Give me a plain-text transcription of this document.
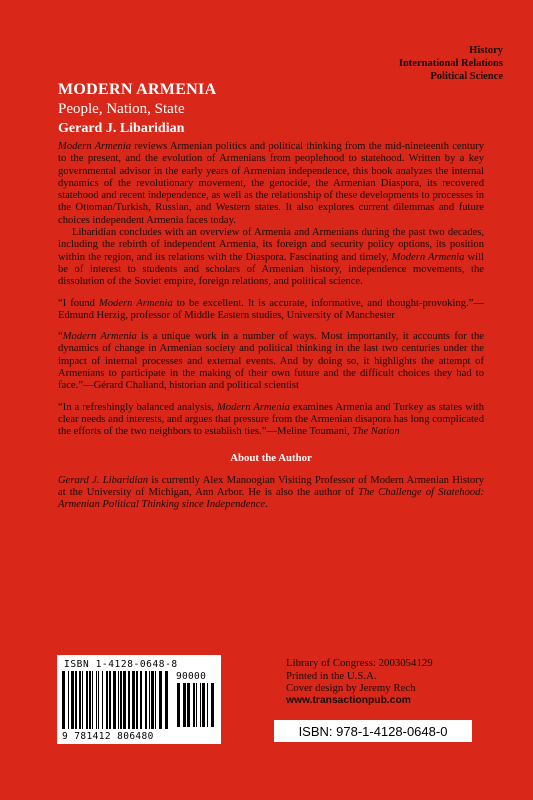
History
International Relations
Political Science
MODERN ARMENIA
People, Nation, State
Gerard J. Libaridian

Modern Armenia reviews Armenian politics and political thinking from the mid-nineteenth century to the present, and the evolution of Armenians from peoplehood to statehood. Written by a key governmental advisor in the early years of Armenian independence, this book analyzes the internal dynamics of the revolutionary movement, the genocide, the Armenian Diaspora, its recovered statehood and recent independence, as well as the relationship of these developments to processes in the Ottoman/Turkish, Russian, and Western states. It also explores current dilemmas and future choices independent Armenia faces today.

Libaridian concludes with an overview of Armenia and Armenians during the past two decades, including the rebirth of independent Armenia, its foreign and security policy options, its position within the region, and its relations with the Diaspora. Fascinating and timely, Modern Armenia will be of interest to students and scholars of Armenian history, independence movements, the dissolution of the Soviet empire, foreign relations, and political science.

“I found Modern Armenia to be excellent. It is accurate, informative, and thought-provoking.”—Edmund Herzig, professor of Middle Eastern studies, University of Manchester

“Modern Armenia is a unique work in a number of ways. Most importantly, it accounts for the dynamics of change in Armenian society and political thinking in the last two centuries under the impact of internal processes and external events. And by doing so, it highlights the attempt of Armenians to participate in the making of their own future and the difficult choices they had to face.”—Gérard Chaliand, historian and political scientist

“In a refreshingly balanced analysis, Modern Armenia examines Armenia and Turkey as states with clear needs and interests, and argues that pressure from the Armenian disapora has long complicated the efforts of the two neighbors to establish ties.”—Meline Toumani, The Nation

About the Author

Gerard J. Libaridian is currently Alex Manoogian Visiting Professor of Modern Armenian History at the University of Michigan, Ann Arbor. He is also the author of The Challenge of Statehood: Armenian Political Thinking since Independence.

ISBN 1-4128-0648-8
90000
9 781412 806480
Library of Congress: 2003054129
Printed in the U.S.A.
Cover design by Jeremy Rech
www.transactionpub.com
ISBN: 978-1-4128-0648-0
